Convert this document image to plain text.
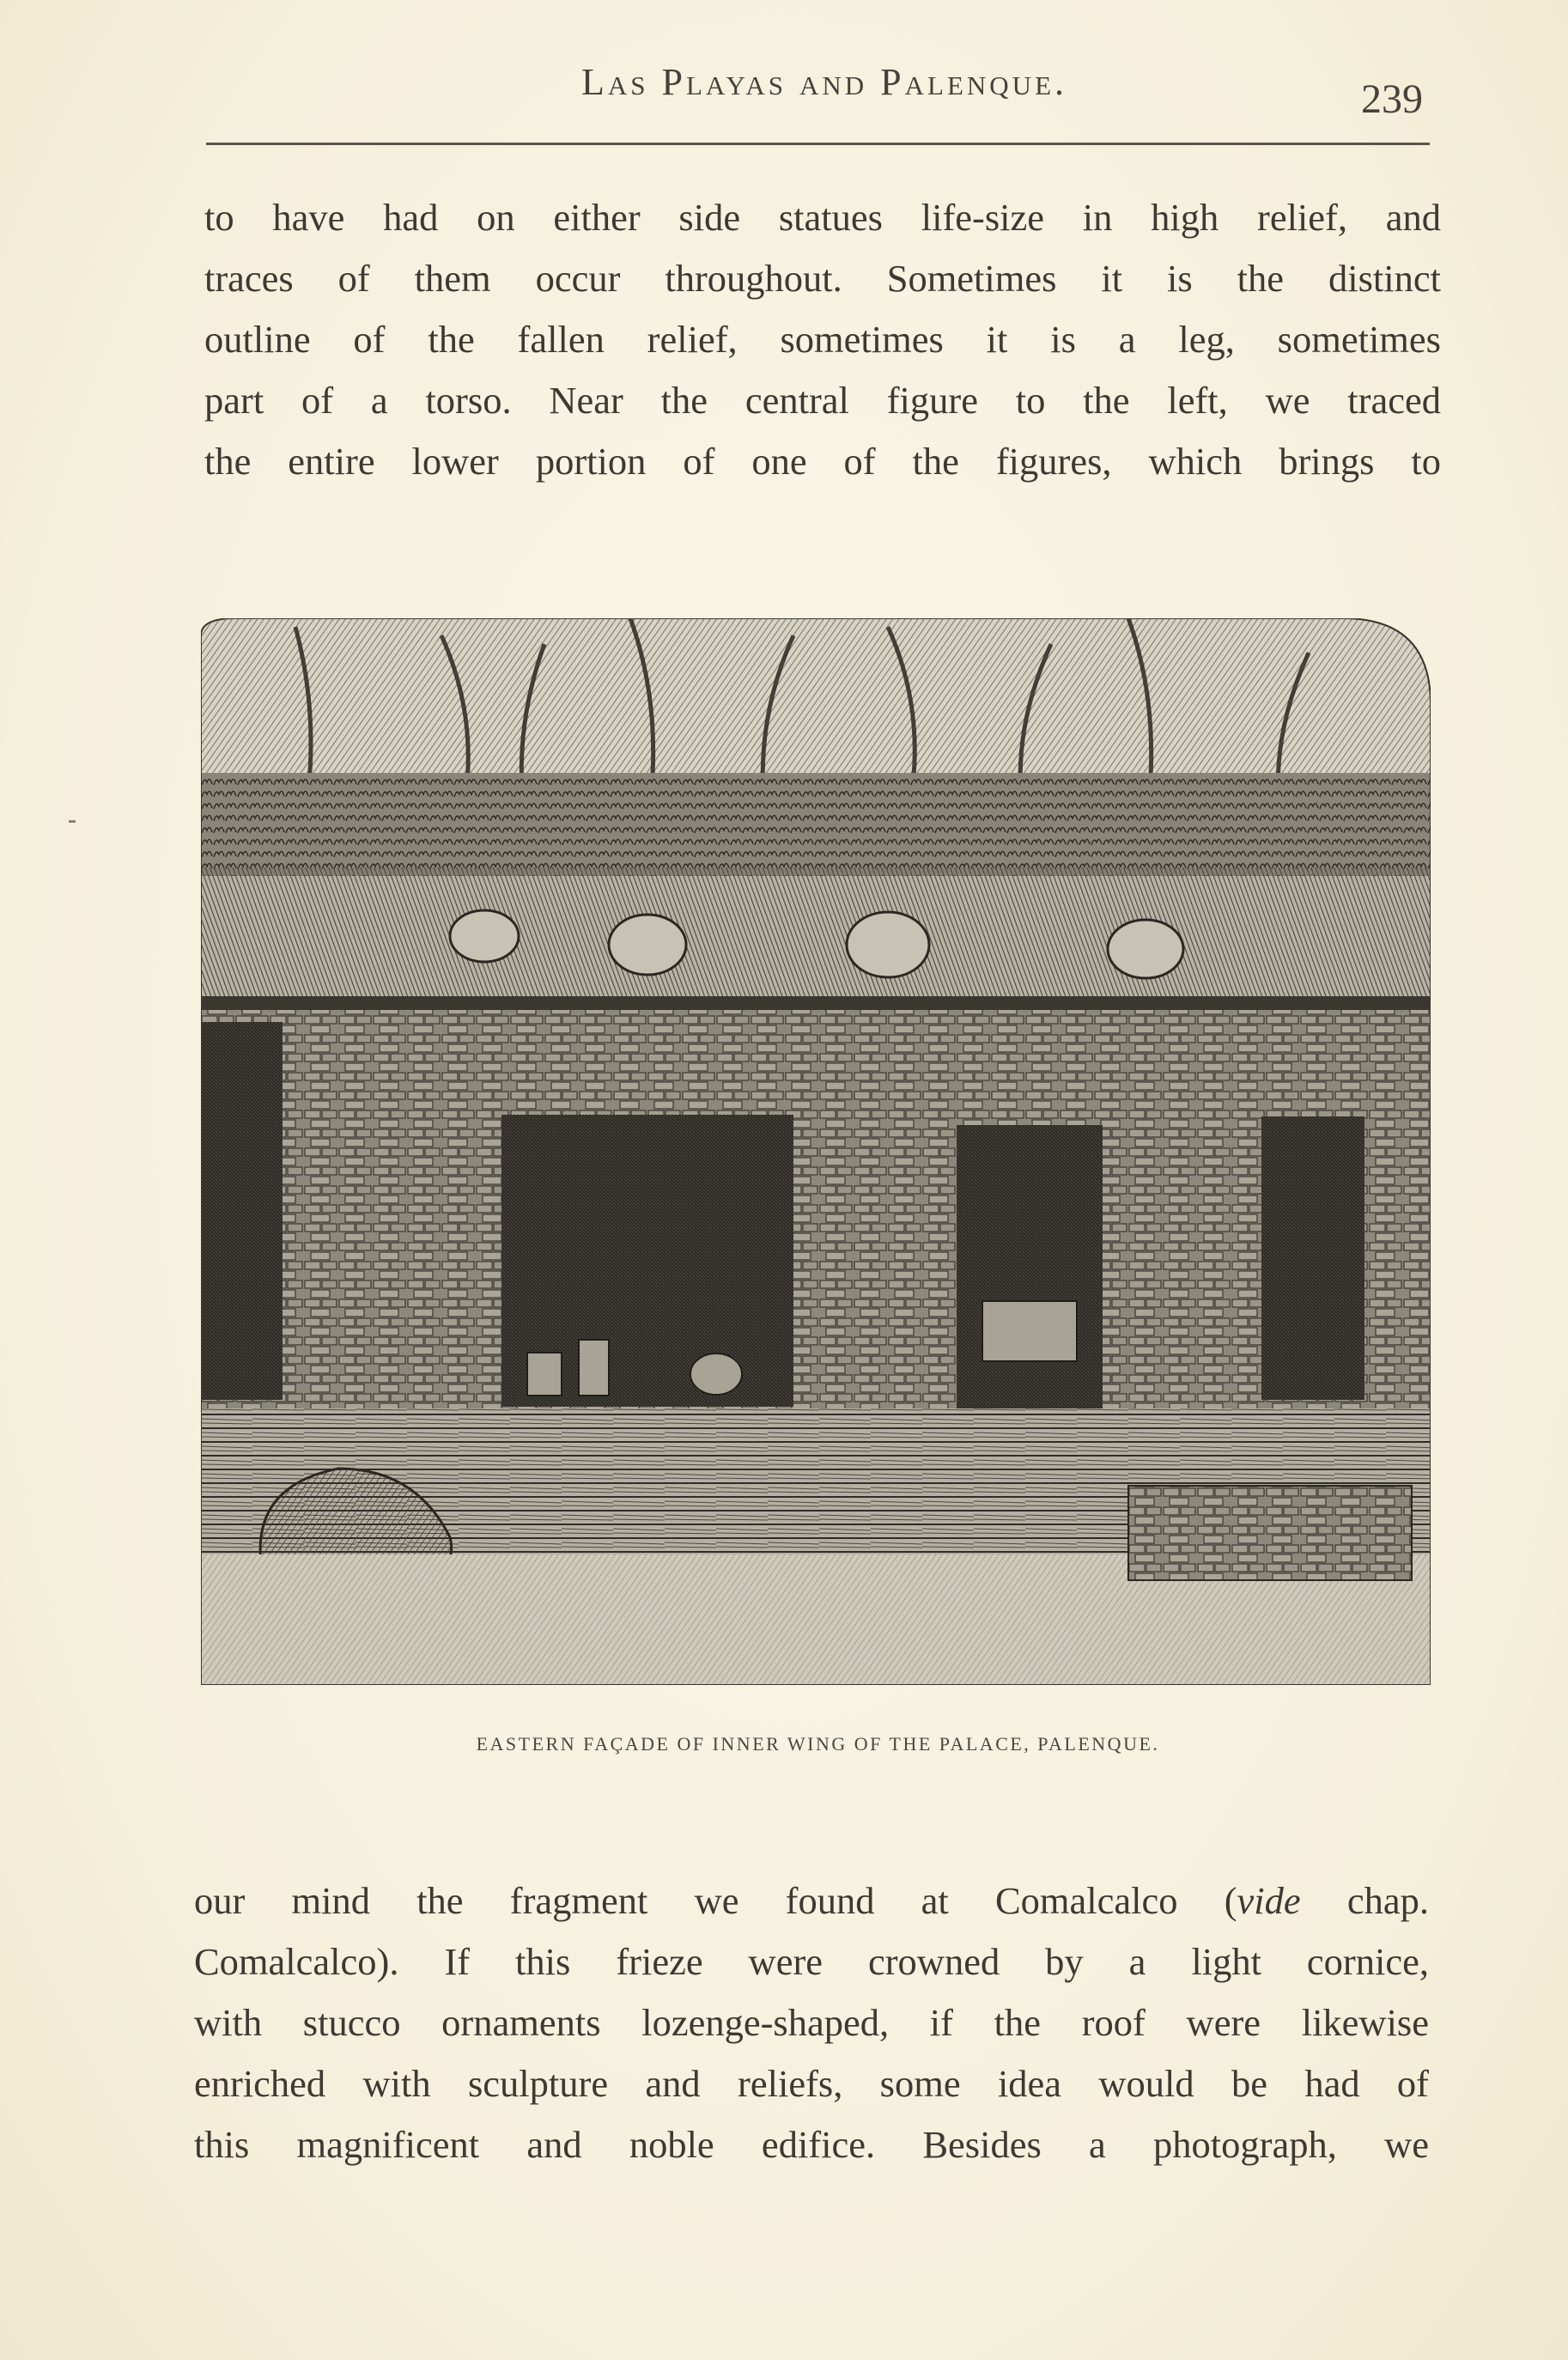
Las Playas and Palenque.	239
to have had on either side statues life-size in high relief, and
traces of them occur throughout. Sometimes it is the distinct
outline of the fallen relief, sometimes it is a leg, sometimes
part of a torso. Near the central figure to the left, we traced
the entire lower portion of one of the figures, which brings to
EASTERN FAÇADE OF INNER WING OF THE PALACE, PALENQUE.
our mind the fragment we found at Comalcalco (vide chap.
Comalcalco). If this frieze were crowned by a light cornice,
with stucco ornaments lozenge-shaped, if the roof were likewise
enriched with sculpture and reliefs, some idea would be had of
this magnificent and noble edifice. Besides a photograph, we
